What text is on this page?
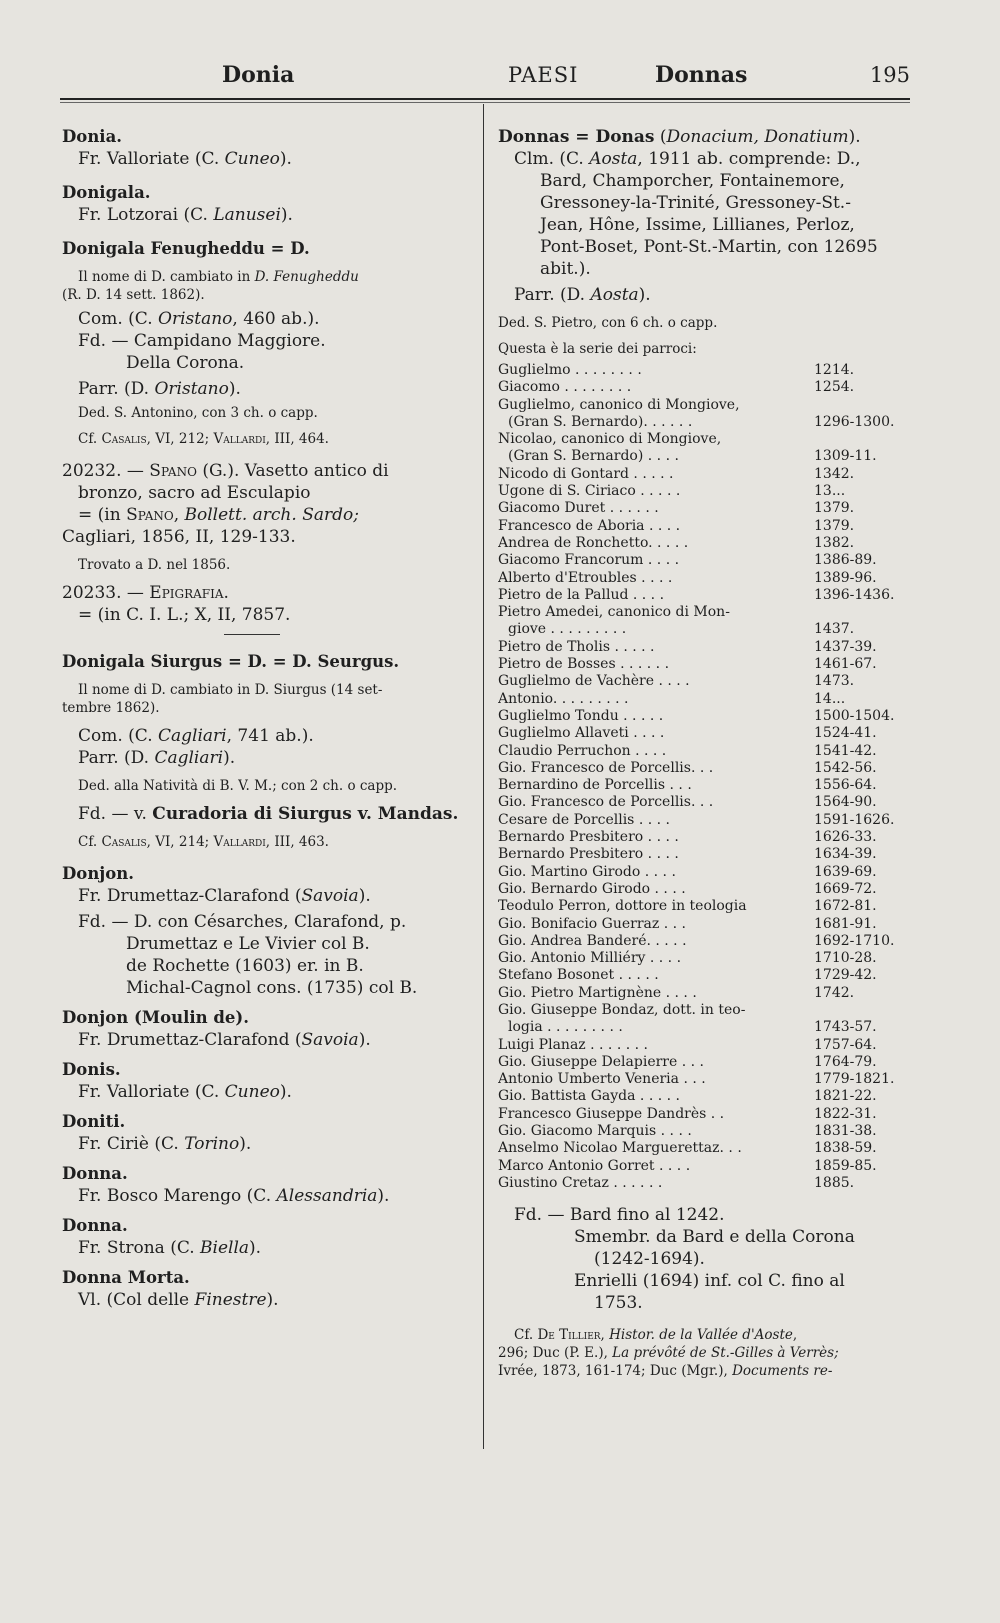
Donia	PAESI	Donnas	195

Donia.

Fr. Valloriate (C. Cuneo).

Donigala.

Fr. Lotzorai (C. Lanusei).

Donigala Fenugheddu = D.

Il nome di D. cambiato in D. Fenugheddu

(R. D. 14 sett. 1862).

Com. (C. Oristano, 460 ab.).

Fd. — Campidano Maggiore.

Della Corona.

Parr. (D. Oristano).

Ded. S. Antonino, con 3 ch. o capp.

Cf. Casalis, VI, 212; Vallardi, III, 464.

20232. — Spano (G.). Vasetto antico di

bronzo, sacro ad Esculapio

= (in Spano, Bollett. arch. Sardo;

Cagliari, 1856, II, 129-133.

Trovato a D. nel 1856.

20233. — Epigrafia.

= (in C. I. L.; X, II, 7857.

Donigala Siurgus = D. = D. Seurgus.

Il nome di D. cambiato in D. Siurgus (14 set-

tembre 1862).

Com. (C. Cagliari, 741 ab.).

Parr. (D. Cagliari).

Ded. alla Natività di B. V. M.; con 2 ch. o capp.

Fd. — v. Curadoria di Siurgus v. Mandas.

Cf. Casalis, VI, 214; Vallardi, III, 463.

Donjon.

Fr. Drumettaz-Clarafond (Savoia).

Fd. — D. con Césarches, Clarafond, p.

Drumettaz e Le Vivier col B.

de Rochette (1603) er. in B.

Michal-Cagnol cons. (1735) col B.

Donjon (Moulin de).

Fr. Drumettaz-Clarafond (Savoia).

Donis.

Fr. Valloriate (C. Cuneo).

Doniti.

Fr. Ciriè (C. Torino).

Donna.

Fr. Bosco Marengo (C. Alessandria).

Donna.

Fr. Strona (C. Biella).

Donna Morta.

Vl. (Col delle Finestre).

Donnas = Donas (Donacium, Donatium).

Clm. (C. Aosta, 1911 ab. comprende: D.,

Bard, Champorcher, Fontainemore,

Gressoney-la-Trinité, Gressoney-St.-

Jean, Hône, Issime, Lillianes, Perloz,

Pont-Boset, Pont-St.-Martin, con 12695

abit.).

Parr. (D. Aosta).

Ded. S. Pietro, con 6 ch. o capp.

Questa è la serie dei parroci:

Guglielmo . . . . . . . .	1214.
Giacomo . . . . . . . .	1254.
Guglielmo, canonico di Mongiove,
(Gran S. Bernardo). . . . . .	1296-1300.
Nicolao, canonico di Mongiove,
(Gran S. Bernardo) . . . .	1309-11.
Nicodo di Gontard . . . . .	1342.
Ugone di S. Ciriaco . . . . .	13...
Giacomo Duret . . . . . .	1379.
Francesco de Aboria . . . .	1379.
Andrea de Ronchetto. . . . .	1382.
Giacomo Francorum . . . .	1386-89.
Alberto d'Etroubles . . . .	1389-96.
Pietro de la Pallud . . . .	1396-1436.
Pietro Amedei, canonico di Mon-
giove . . . . . . . . .	1437.
Pietro de Tholis . . . . .	1437-39.
Pietro de Bosses . . . . . .	1461-67.
Guglielmo de Vachère . . . .	1473.
Antonio. . . . . . . . .	14...
Guglielmo Tondu . . . . .	1500-1504.
Guglielmo Allaveti . . . .	1524-41.
Claudio Perruchon . . . .	1541-42.
Gio. Francesco de Porcellis. . .	1542-56.
Bernardino de Porcellis . . .	1556-64.
Gio. Francesco de Porcellis. . .	1564-90.
Cesare de Porcellis . . . .	1591-1626.
Bernardo Presbitero . . . .	1626-33.
Bernardo Presbitero . . . .	1634-39.
Gio. Martino Girodo . . . .	1639-69.
Gio. Bernardo Girodo . . . .	1669-72.
Teodulo Perron, dottore in teologia	1672-81.
Gio. Bonifacio Guerraz . . .	1681-91.
Gio. Andrea Banderé. . . . .	1692-1710.
Gio. Antonio Milliéry . . . .	1710-28.
Stefano Bosonet . . . . .	1729-42.
Gio. Pietro Martignène . . . .	1742.
Gio. Giuseppe Bondaz, dott. in teo-
logia . . . . . . . . .	1743-57.
Luigi Planaz . . . . . . .	1757-64.
Gio. Giuseppe Delapierre . . .	1764-79.
Antonio Umberto Veneria . . .	1779-1821.
Gio. Battista Gayda . . . . .	1821-22.
Francesco Giuseppe Dandrès . .	1822-31.
Gio. Giacomo Marquis . . . .	1831-38.
Anselmo Nicolao Marguerettaz. . .	1838-59.
Marco Antonio Gorret . . . .	1859-85.
Giustino Cretaz . . . . . .	1885.

Fd. — Bard fino al 1242.

Smembr. da Bard e della Corona

(1242-1694).

Enrielli (1694) inf. col C. fino al

1753.

Cf. De Tillier, Histor. de la Vallée d'Aoste,

296; Duc (P. E.), La prévôté de St.-Gilles à Verrès;

Ivrée, 1873, 161-174; Duc (Mgr.), Documents re-
